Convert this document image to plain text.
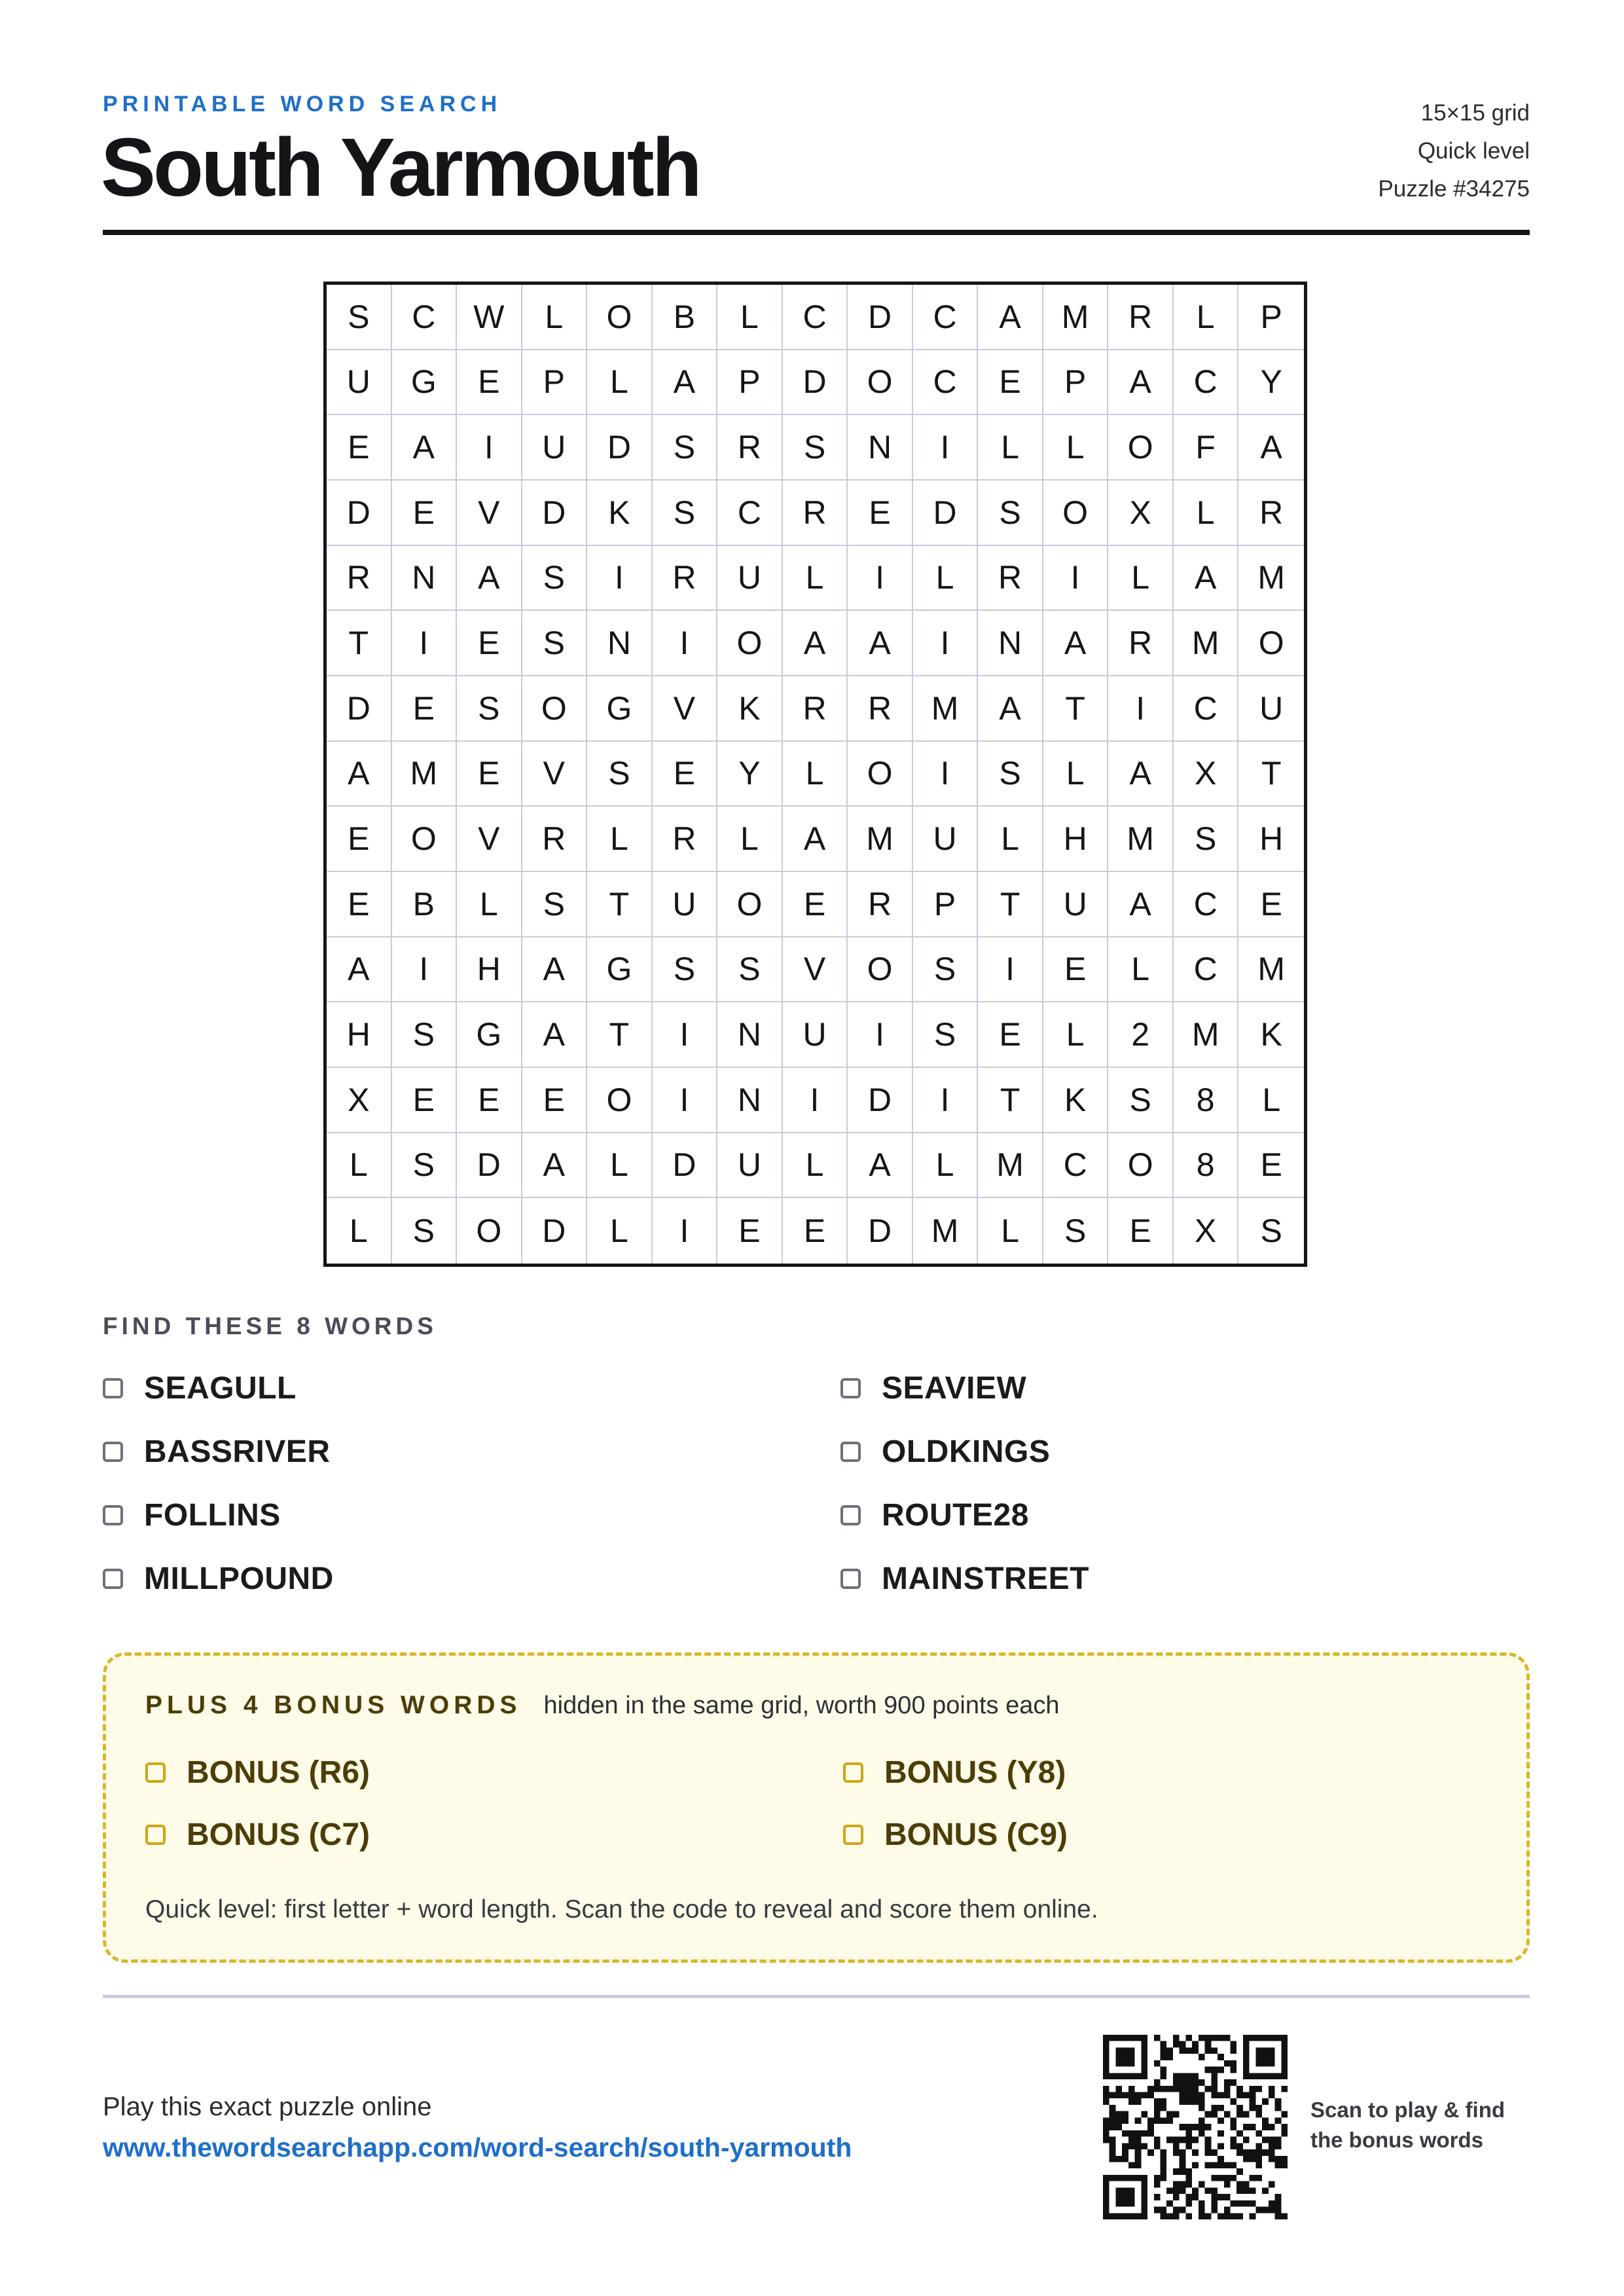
PRINTABLE WORD SEARCH
South Yarmouth
15×15 grid
Quick level
Puzzle #34275
S	C	W	L	O	B	L	C	D	C	A	M	R	L	P
U	G	E	P	L	A	P	D	O	C	E	P	A	C	Y
E	A	I	U	D	S	R	S	N	I	L	L	O	F	A
D	E	V	D	K	S	C	R	E	D	S	O	X	L	R
R	N	A	S	I	R	U	L	I	L	R	I	L	A	M
T	I	E	S	N	I	O	A	A	I	N	A	R	M	O
D	E	S	O	G	V	K	R	R	M	A	T	I	C	U
A	M	E	V	S	E	Y	L	O	I	S	L	A	X	T
E	O	V	R	L	R	L	A	M	U	L	H	M	S	H
E	B	L	S	T	U	O	E	R	P	T	U	A	C	E
A	I	H	A	G	S	S	V	O	S	I	E	L	C	M
H	S	G	A	T	I	N	U	I	S	E	L	2	M	K
X	E	E	E	O	I	N	I	D	I	T	K	S	8	L
L	S	D	A	L	D	U	L	A	L	M	C	O	8	E
L	S	O	D	L	I	E	E	D	M	L	S	E	X	S
FIND THESE 8 WORDS
SEAGULL	SEAVIEW
BASSRIVER	OLDKINGS
FOLLINS	ROUTE28
MILLPOUND	MAINSTREET
PLUS 4 BONUS WORDS hidden in the same grid, worth 900 points each
BONUS (R6)	BONUS (Y8)
BONUS (C7)	BONUS (C9)
Quick level: first letter + word length. Scan the code to reveal and score them online.
Play this exact puzzle online
www.thewordsearchapp.com/word-search/south-yarmouth
Scan to play & find the bonus words
